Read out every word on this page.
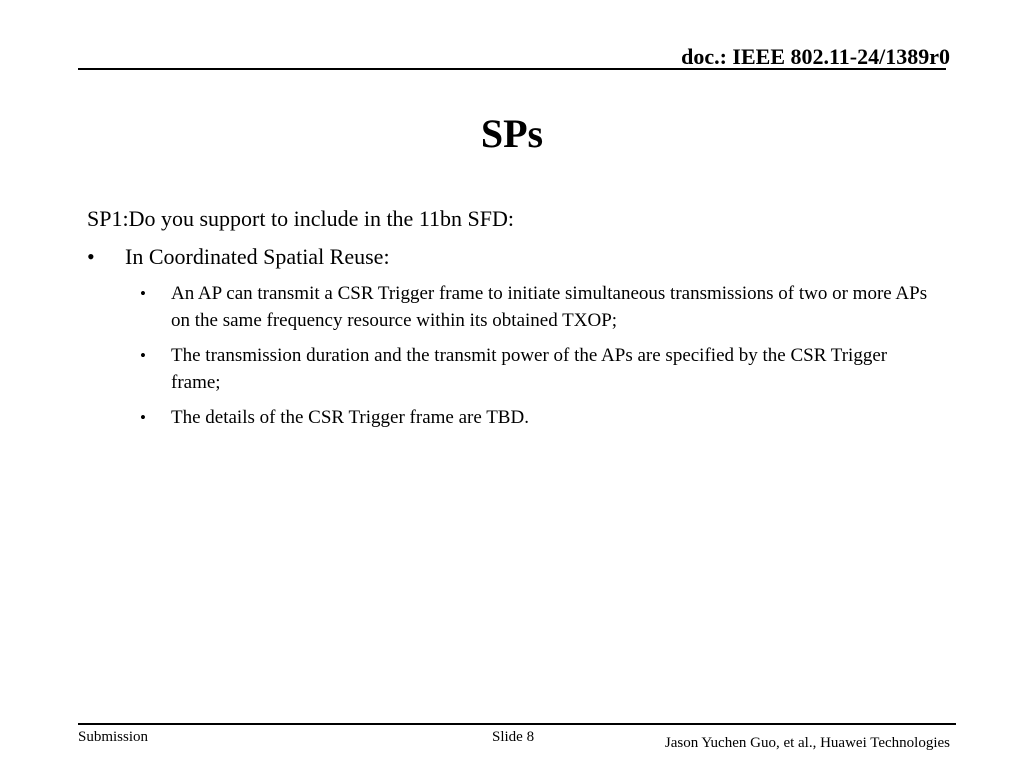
doc.: IEEE 802.11-24/1389r0
SPs

SP1:Do you support to include in the 11bn SFD:

• In Coordinated Spatial Reuse:
• An AP can transmit a CSR Trigger frame to initiate simultaneous transmissions of two or more APs on the same frequency resource within its obtained TXOP;
• The transmission duration and the transmit power of the APs are specified by the CSR Trigger frame;
• The details of the CSR Trigger frame are TBD.
Submission	Slide 8	Jason Yuchen Guo, et al., Huawei Technologies
